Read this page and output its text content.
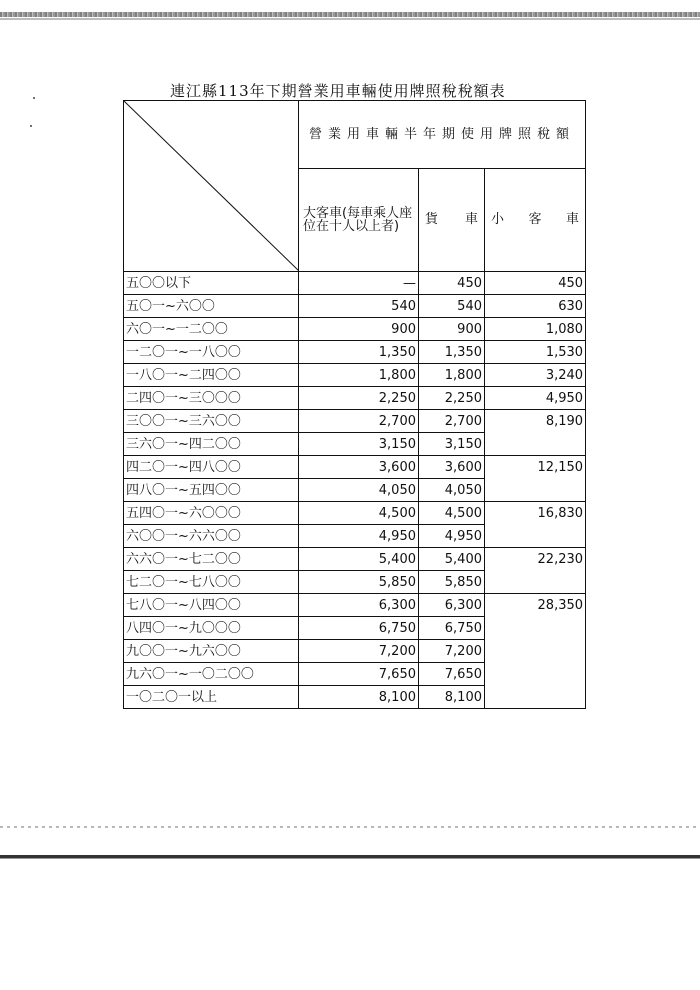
連江縣113年下期營業用車輛使用牌照稅稅額表
	營業用車輛半年期使用牌照稅額		
	大客車(每車乘人座位在十人以上者)	貨 車	小 客 車

五〇〇以下	—	450	450
五〇一~六〇〇	540	540	630
六〇一~一二〇〇	900	900	1,080
一二〇一~一八〇〇	1,350	1,350	1,530
一八〇一~二四〇〇	1,800	1,800	3,240
二四〇一~三〇〇〇	2,250	2,250	4,950
三〇〇一~三六〇〇	2,700	2,700	8,190
三六〇一~四二〇〇	3,150	3,150	
四二〇一~四八〇〇	3,600	3,600	12,150
四八〇一~五四〇〇	4,050	4,050	
五四〇一~六〇〇〇	4,500	4,500	16,830
六〇〇一~六六〇〇	4,950	4,950	
六六〇一~七二〇〇	5,400	5,400	22,230
七二〇一~七八〇〇	5,850	5,850	
七八〇一~八四〇〇	6,300	6,300	28,350
八四〇一~九〇〇〇	6,750	6,750	
九〇〇一~九六〇〇	7,200	7,200	
九六〇一~一〇二〇〇	7,650	7,650	
一〇二〇一以上	8,100	8,100	
